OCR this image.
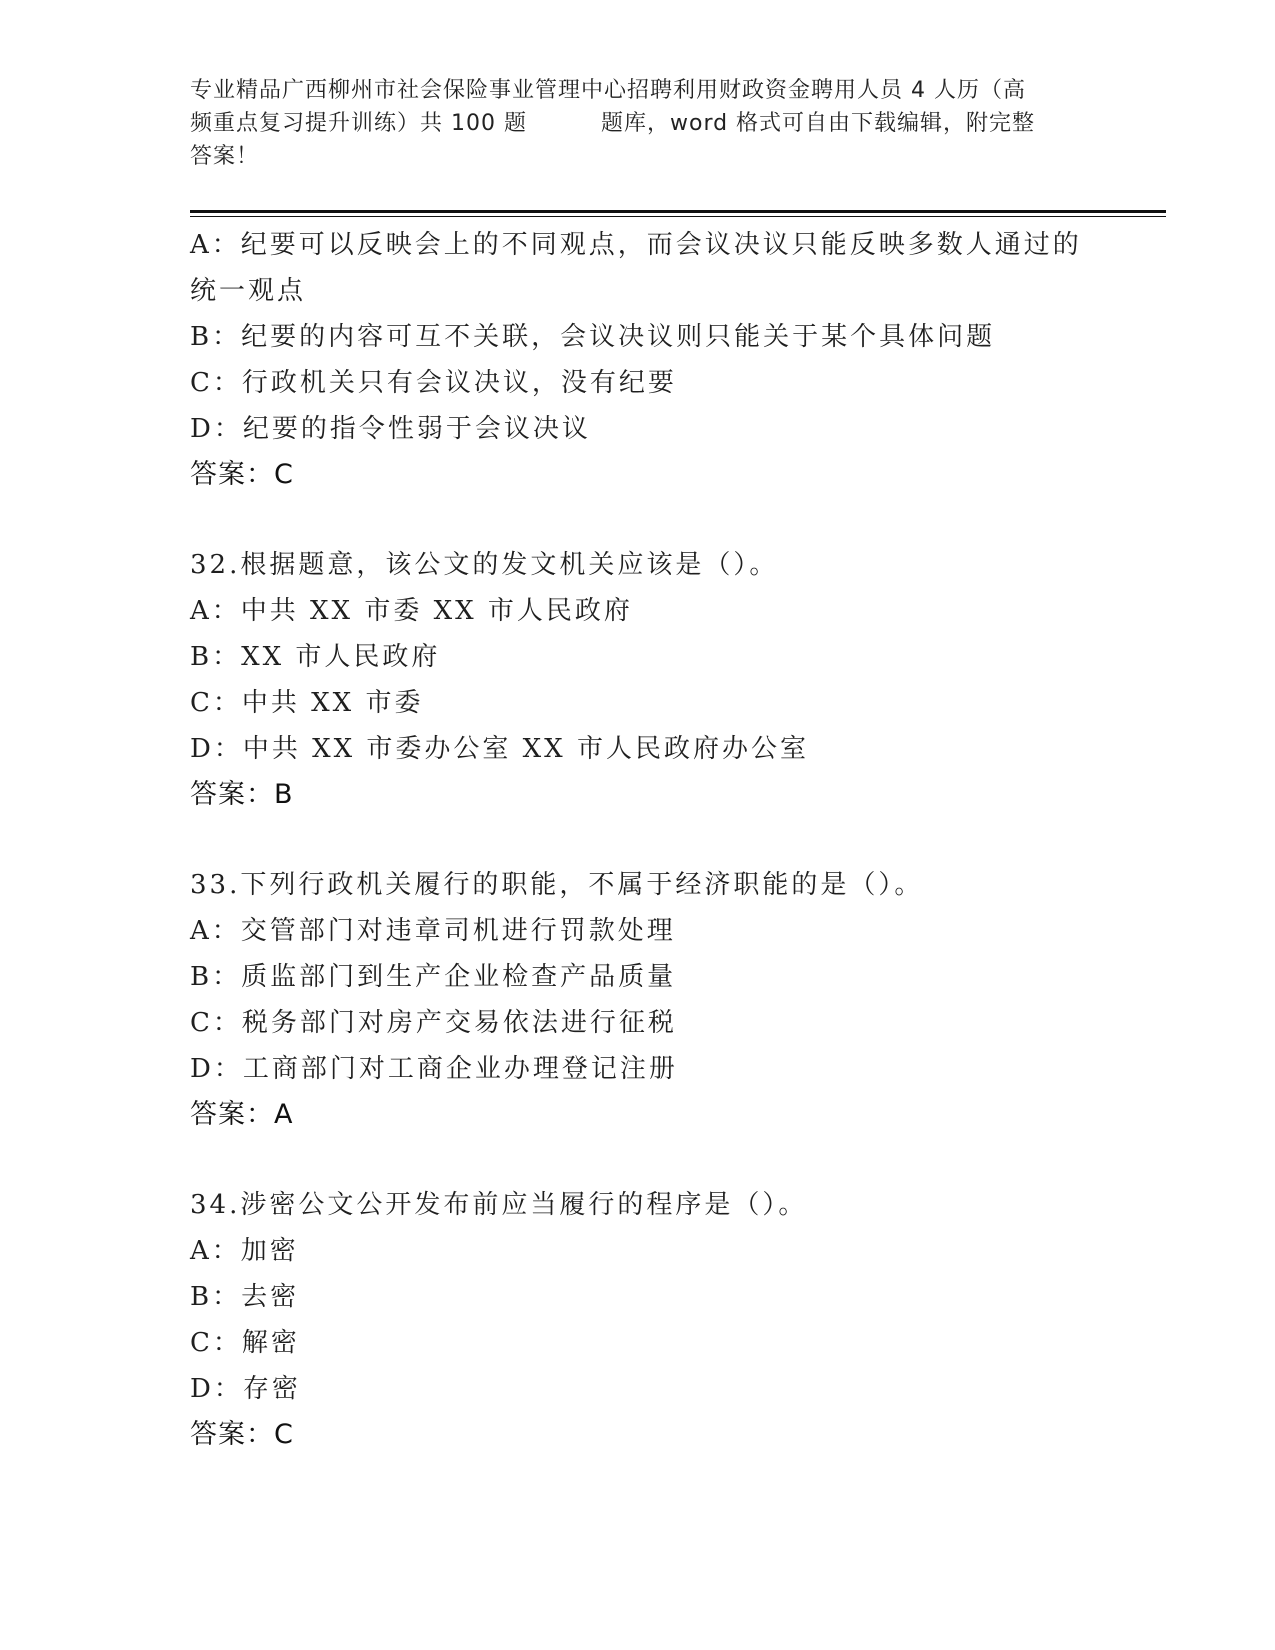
专业精品广西柳州市社会保险事业管理中心招聘利用财政资金聘用人员 4 人历（高
频重点复习提升训练）共 100 题	题库，word 格式可自由下载编辑，附完整
答案！
A：纪要可以反映会上的不同观点，而会议决议只能反映多数人通过的
统一观点
B：纪要的内容可互不关联，会议决议则只能关于某个具体问题
C：行政机关只有会议决议，没有纪要
D：纪要的指令性弱于会议决议
答案：C
32.根据题意，该公文的发文机关应该是（）。
A：中共 XX 市委 XX 市人民政府
B：XX 市人民政府
C：中共 XX 市委
D：中共 XX 市委办公室 XX 市人民政府办公室
答案：B
33.下列行政机关履行的职能，不属于经济职能的是（）。
A：交管部门对违章司机进行罚款处理
B：质监部门到生产企业检查产品质量
C：税务部门对房产交易依法进行征税
D：工商部门对工商企业办理登记注册
答案：A
34.涉密公文公开发布前应当履行的程序是（）。
A：加密
B：去密
C：解密
D：存密
答案：C
